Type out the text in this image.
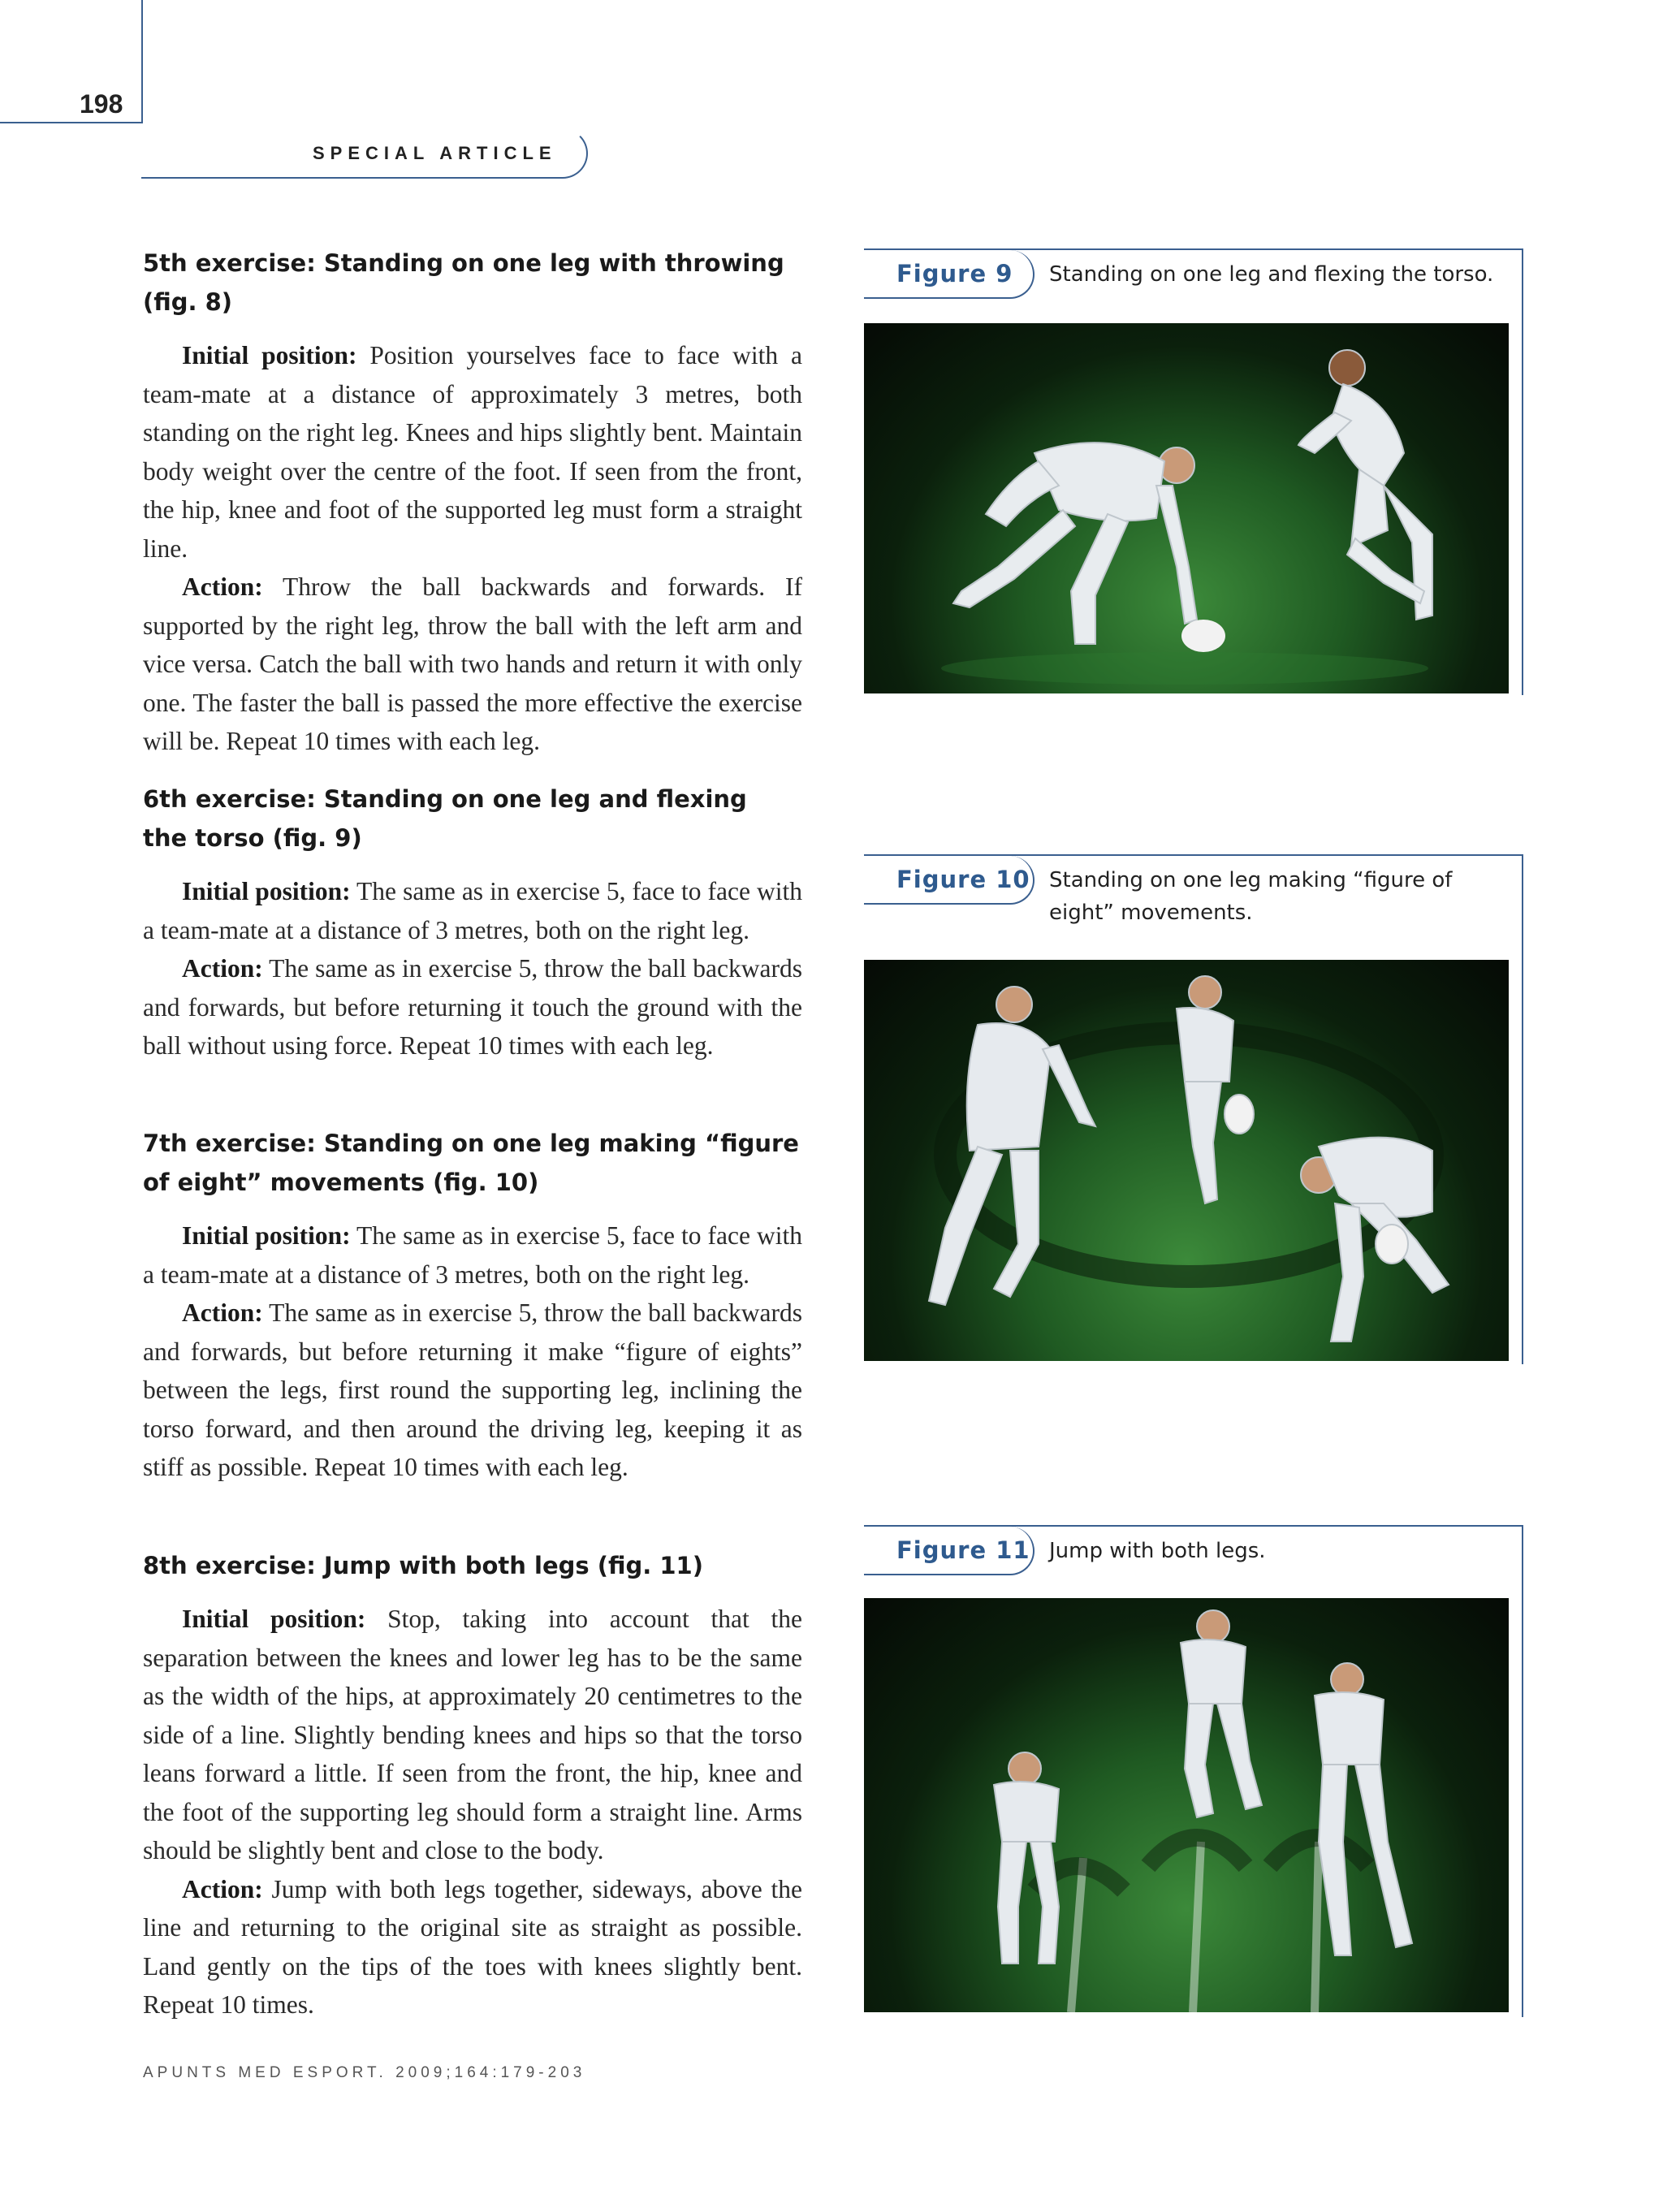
198
SPECIAL ARTICLE
5th exercise: Standing on one leg with throwing (fig. 8)

Initial position: Position yourselves face to face with a team-mate at a distance of approximately 3 metres, both standing on the right leg. Knees and hips slightly bent. Maintain body weight over the centre of the foot. If seen from the front, the hip, knee and foot of the supported leg must form a straight line.

Action: Throw the ball backwards and forwards. If supported by the right leg, throw the ball with the left arm and vice versa. Catch the ball with two hands and return it with only one. The faster the ball is passed the more effective the exercise will be. Repeat 10 times with each leg.

6th exercise: Standing on one leg and flexing
the torso (fig. 9)

Initial position: The same as in exercise 5, face to face with a team-mate at a distance of 3 metres, both on the right leg.

Action: The same as in exercise 5, throw the ball backwards and forwards, but before returning it touch the ground with the ball without using force. Repeat 10 times with each leg.

7th exercise: Standing on one leg making “figure
of eight” movements (fig. 10)

Initial position: The same as in exercise 5, face to face with a team-mate at a distance of 3 metres, both on the right leg.

Action: The same as in exercise 5, throw the ball backwards and forwards, but before returning it make “figure of eights” between the legs, first round the supporting leg, inclining the torso forward, and then around the driving leg, keeping it as stiff as possible. Repeat 10 times with each leg.

8th exercise: Jump with both legs (fig. 11)

Initial position: Stop, taking into account that the separation between the knees and lower leg has to be the same as the width of the hips, at approximately 20 centimetres to the side of a line. Slightly bending knees and hips so that the torso leans forward a little. If seen from the front, the hip, knee and the foot of the supporting leg should form a straight line. Arms should be slightly bent and close to the body.

Action: Jump with both legs together, sideways, above the line and returning to the original site as straight as possible. Land gently on the tips of the toes with knees slightly bent. Repeat 10 times.

Figure 9 Standing on one leg and flexing the torso.
Figure 10 Standing on one leg making “figure of eight” movements.
Figure 11 Jump with both legs.
APUNTS MED ESPORT. 2009;164:179-203
